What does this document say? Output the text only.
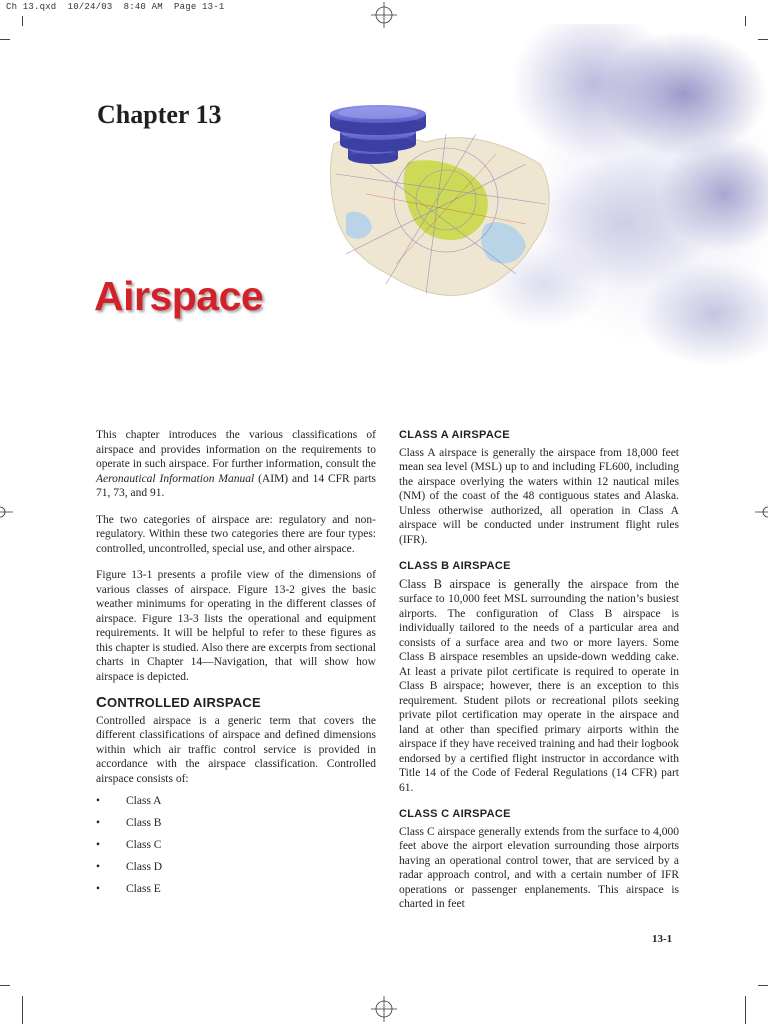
Ch 13.qxd  10/24/03  8:40 AM  Page 13-1
Chapter 13
Airspace

This chapter introduces the various classifications of airspace and provides information on the requirements to operate in such airspace. For further information, consult the Aeronautical Information Manual (AIM) and 14 CFR parts 71, 73, and 91.

The two categories of airspace are: regulatory and non-regulatory. Within these two categories there are four types: controlled, uncontrolled, special use, and other airspace.

Figure 13-1 presents a profile view of the dimensions of various classes of airspace. Figure 13-2 gives the basic weather minimums for operating in the different classes of airspace. Figure 13-3 lists the operational and equipment requirements. It will be helpful to refer to these figures as this chapter is studied. Also there are excerpts from sectional charts in Chapter 14—Navigation, that will show how airspace is depicted.

CONTROLLED AIRSPACE

Controlled airspace is a generic term that covers the different classifications of airspace and defined dimensions within which air traffic control service is provided in accordance with the airspace classification. Controlled airspace consists of:

• Class A
• Class B
• Class C
• Class D
• Class E
CLASS A AIRSPACE

Class A airspace is generally the airspace from 18,000 feet mean sea level (MSL) up to and including FL600, including the airspace overlying the waters within 12 nautical miles (NM) of the coast of the 48 contiguous states and Alaska. Unless otherwise authorized, all operation in Class A airspace will be conducted under instrument flight rules (IFR).

CLASS B AIRSPACE

Class B airspace is generally the airspace from the surface to 10,000 feet MSL surrounding the nation’s busiest airports. The configuration of Class B airspace is individually tailored to the needs of a particular area and consists of a surface area and two or more layers. Some Class B airspace resembles an upside-down wedding cake. At least a private pilot certificate is required to operate in Class B airspace; however, there is an exception to this requirement. Student pilots or recreational pilots seeking private pilot certification may operate in the airspace and land at other than specified primary airports within the airspace if they have received training and had their logbook endorsed by a certified flight instructor in accordance with Title 14 of the Code of Federal Regulations (14 CFR) part 61.

CLASS C AIRSPACE

Class C airspace generally extends from the surface to 4,000 feet above the airport elevation surrounding those airports having an operational control tower, that are serviced by a radar approach control, and with a certain number of IFR operations or passenger enplanements. This airspace is charted in feet

13-1
